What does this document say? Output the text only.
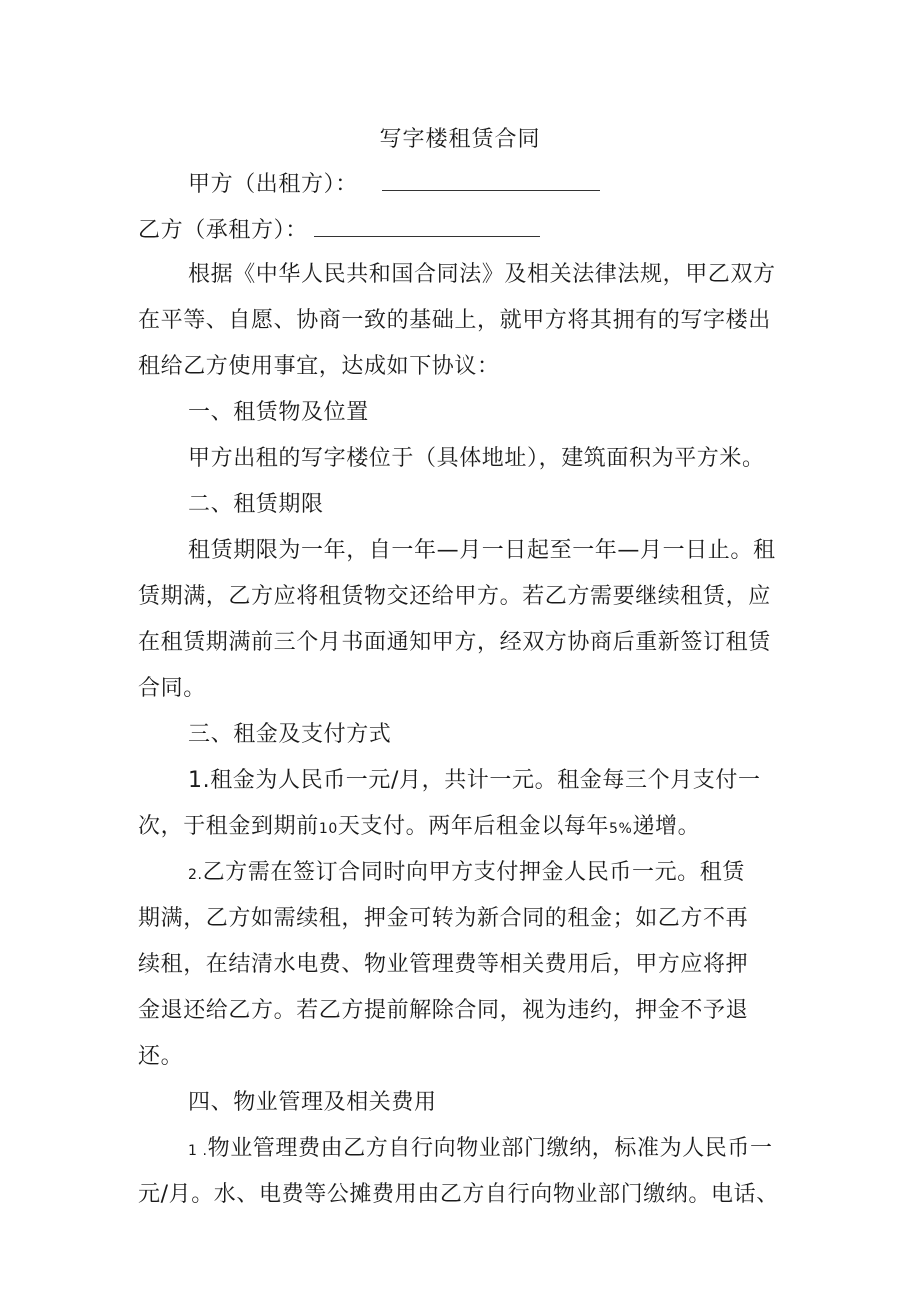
写字楼租赁合同
甲方（出租方）：
乙方（承租方）：
根据《中华人民共和国合同法》及相关法律法规，甲乙双方
在平等、自愿、协商一致的基础上，就甲方将其拥有的写字楼出
租给乙方使用事宜，达成如下协议：
一、租赁物及位置
甲方出租的写字楼位于（具体地址），建筑面积为平方米。
二、租赁期限
租赁期限为一年，自一年—月一日起至一年—月一日止。租
赁期满，乙方应将租赁物交还给甲方。若乙方需要继续租赁，应
在租赁期满前三个月书面通知甲方，经双方协商后重新签订租赁
合同。
三、租金及支付方式
1.租金为人民币一元/月，共计一元。租金每三个月支付一
次，于租金到期前10天支付。两年后租金以每年5%递增。
2.乙方需在签订合同时向甲方支付押金人民币一元。租赁
期满，乙方如需续租，押金可转为新合同的租金；如乙方不再
续租，在结清水电费、物业管理费等相关费用后，甲方应将押
金退还给乙方。若乙方提前解除合同，视为违约，押金不予退
还。
四、物业管理及相关费用
1 .物业管理费由乙方自行向物业部门缴纳，标准为人民币一
元/月。水、电费等公摊费用由乙方自行向物业部门缴纳。电话、
